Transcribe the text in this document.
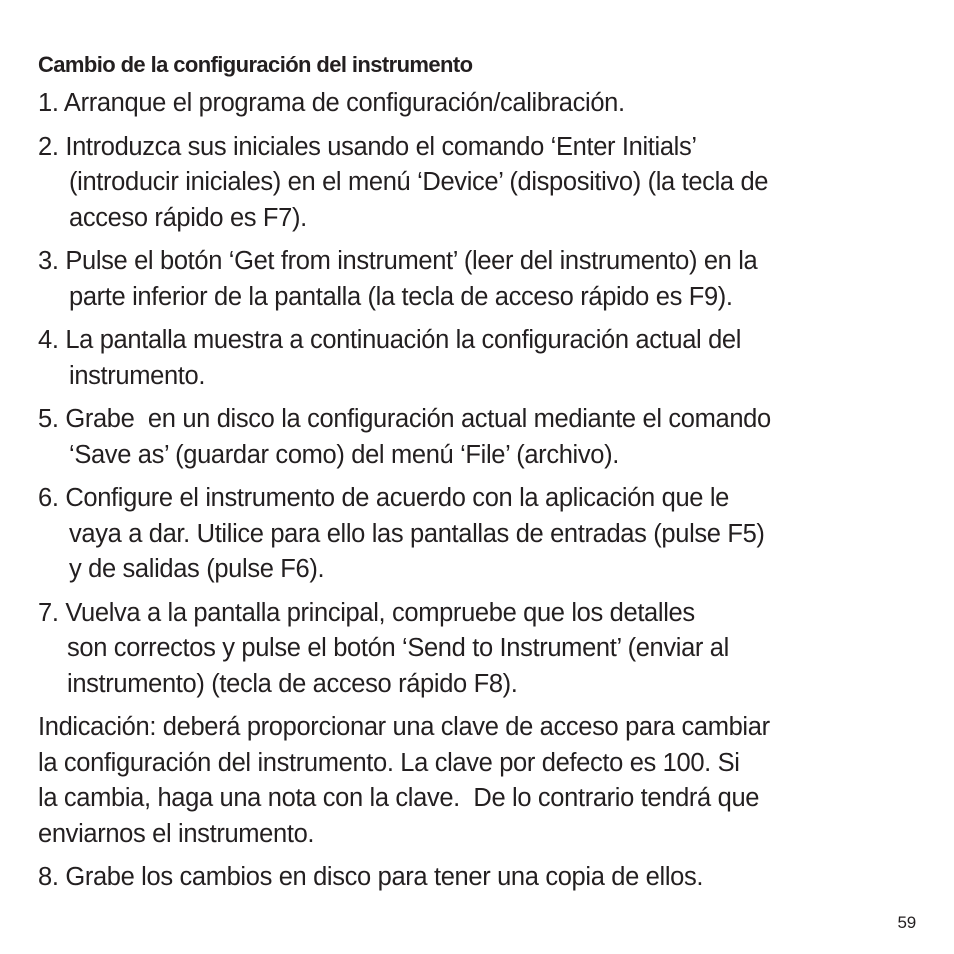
Cambio de la configuración del instrumento
1. Arranque el programa de configuración/calibración.
2. Introduzca sus iniciales usando el comando ‘Enter Initials’
(introducir iniciales) en el menú ‘Device’ (dispositivo) (la tecla de
acceso rápido es F7).
3. Pulse el botón ‘Get from instrument’ (leer del instrumento) en la
parte inferior de la pantalla (la tecla de acceso rápido es F9).
4. La pantalla muestra a continuación la configuración actual del
instrumento.
5. Grabe  en un disco la configuración actual mediante el comando
‘Save as’ (guardar como) del menú ‘File’ (archivo).
6. Configure el instrumento de acuerdo con la aplicación que le
vaya a dar. Utilice para ello las pantallas de entradas (pulse F5)
y de salidas (pulse F6).
7. Vuelva a la pantalla principal, compruebe que los detalles
son correctos y pulse el botón ‘Send to Instrument’ (enviar al
instrumento) (tecla de acceso rápido F8).
Indicación: deberá proporcionar una clave de acceso para cambiar
la configuración del instrumento. La clave por defecto es 100. Si
la cambia, haga una nota con la clave.  De lo contrario tendrá que
enviarnos el instrumento.
8. Grabe los cambios en disco para tener una copia de ellos.
59
